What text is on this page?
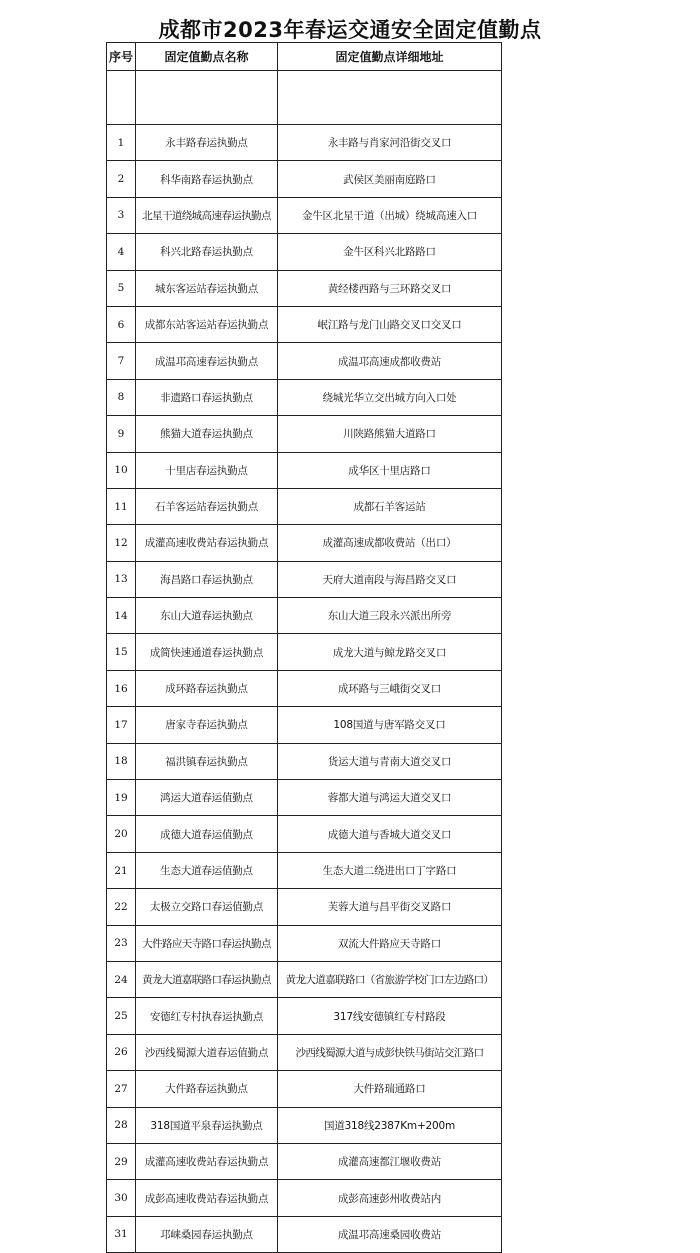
成都市2023年春运交通安全固定值勤点
序号	固定值勤点名称	固定值勤点详细地址

1	永丰路春运执勤点	永丰路与肖家河沿街交叉口
2	科华南路春运执勤点	武侯区美丽南庭路口
3	北星干道绕城高速春运执勤点	金牛区北星干道（出城）绕城高速入口
4	科兴北路春运执勤点	金牛区科兴北路路口
5	城东客运站春运执勤点	黄经楼西路与三环路交叉口
6	成都东站客运站春运执勤点	岷江路与龙门山路交叉口交叉口
7	成温邛高速春运执勤点	成温邛高速成都收费站
8	非遗路口春运执勤点	绕城光华立交出城方向入口处
9	熊猫大道春运执勤点	川陕路熊猫大道路口
10	十里店春运执勤点	成华区十里店路口
11	石羊客运站春运执勤点	成都石羊客运站
12	成灌高速收费站春运执勤点	成灌高速成都收费站（出口）
13	海昌路口春运执勤点	天府大道南段与海昌路交叉口
14	东山大道春运执勤点	东山大道三段永兴派出所旁
15	成简快速通道春运执勤点	成龙大道与鲸龙路交叉口
16	成环路春运执勤点	成环路与三峨街交叉口
17	唐家寺春运执勤点	108国道与唐军路交叉口
18	福洪镇春运执勤点	货运大道与青南大道交叉口
19	鸿运大道春运值勤点	蓉都大道与鸿运大道交叉口
20	成德大道春运值勤点	成德大道与香城大道交叉口
21	生态大道春运值勤点	生态大道二绕进出口丁字路口
22	太极立交路口春运值勤点	芙蓉大道与昌平街交叉路口
23	大件路应天寺路口春运执勤点	双流大件路应天寺路口
24	黄龙大道嘉联路口春运执勤点	黄龙大道嘉联路口（省旅游学校门口左边路口）
25	安德红专村执春运执勤点	317线安德镇红专村路段
26	沙西线蜀源大道春运值勤点	沙西线蜀源大道与成彭快铁马街站交汇路口
27	大件路春运执勤点	大件路瑞通路口
28	318国道平泉春运执勤点	国道318线2387Km+200m
29	成灌高速收费站春运执勤点	成灌高速都江堰收费站
30	成彭高速收费站春运执勤点	成彭高速彭州收费站内
31	邛崃桑园春运执勤点	成温邛高速桑园收费站
